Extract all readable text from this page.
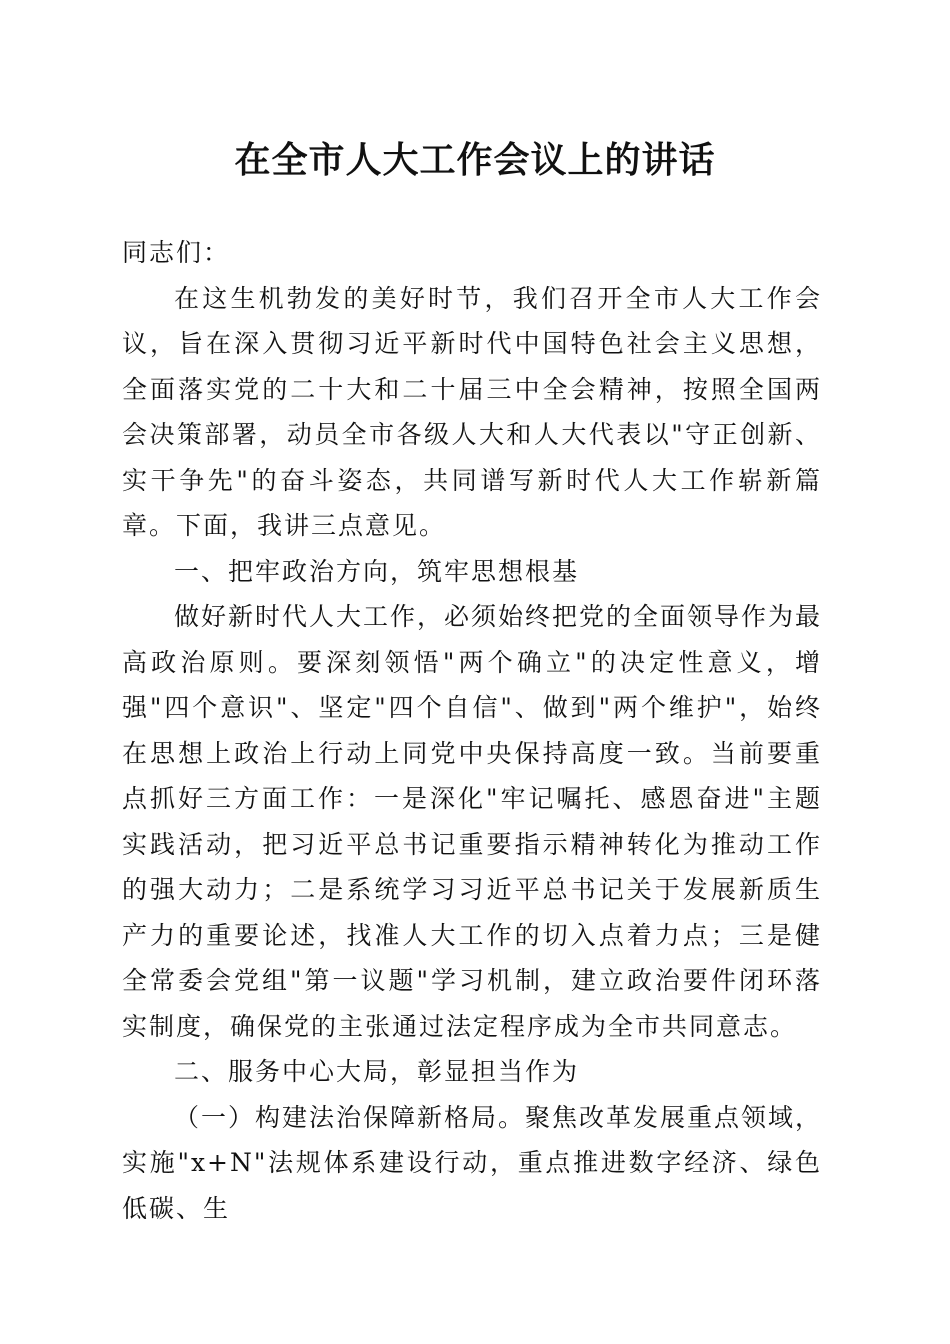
在全市人大工作会议上的讲话

同志们：

在这生机勃发的美好时节，我们召开全市人大工作会议，旨在深入贯彻习近平新时代中国特色社会主义思想，全面落实党的二十大和二十届三中全会精神，按照全国两会决策部署，动员全市各级人大和人大代表以"守正创新、实干争先"的奋斗姿态，共同谱写新时代人大工作崭新篇章。下面，我讲三点意见。

一、把牢政治方向，筑牢思想根基

做好新时代人大工作，必须始终把党的全面领导作为最高政治原则。要深刻领悟"两个确立"的决定性意义，增强"四个意识"、坚定"四个自信"、做到"两个维护"，始终在思想上政治上行动上同党中央保持高度一致。当前要重点抓好三方面工作：一是深化"牢记嘱托、感恩奋进"主题实践活动，把习近平总书记重要指示精神转化为推动工作的强大动力；二是系统学习习近平总书记关于发展新质生产力的重要论述，找准人大工作的切入点着力点；三是健全常委会党组"第一议题"学习机制，建立政治要件闭环落实制度，确保党的主张通过法定程序成为全市共同意志。

二、服务中心大局，彰显担当作为

（一）构建法治保障新格局。聚焦改革发展重点领域，实施"x+N"法规体系建设行动，重点推进数字经济、绿色低碳、生
